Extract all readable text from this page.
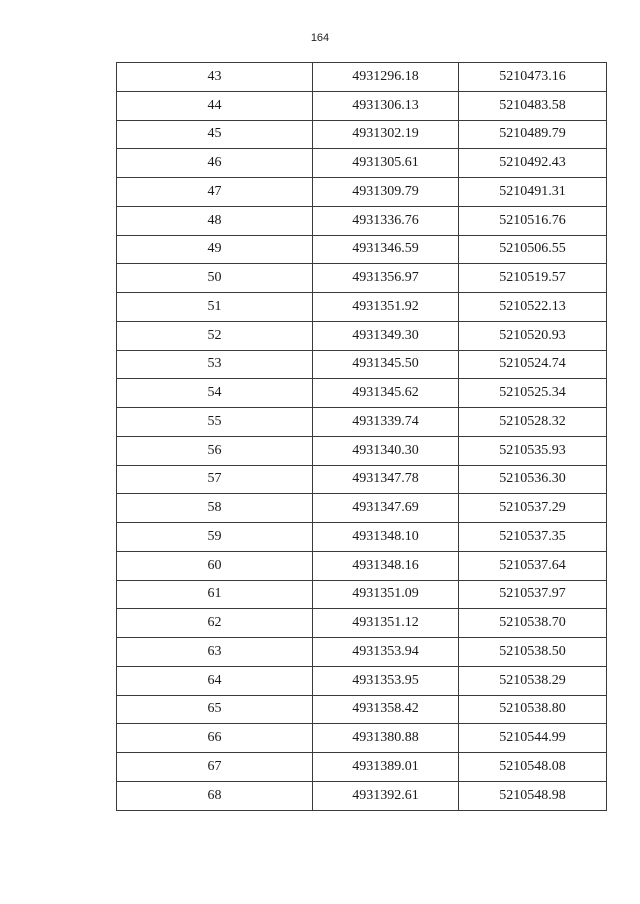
164
43	4931296.18	5210473.16
44	4931306.13	5210483.58
45	4931302.19	5210489.79
46	4931305.61	5210492.43
47	4931309.79	5210491.31
48	4931336.76	5210516.76
49	4931346.59	5210506.55
50	4931356.97	5210519.57
51	4931351.92	5210522.13
52	4931349.30	5210520.93
53	4931345.50	5210524.74
54	4931345.62	5210525.34
55	4931339.74	5210528.32
56	4931340.30	5210535.93
57	4931347.78	5210536.30
58	4931347.69	5210537.29
59	4931348.10	5210537.35
60	4931348.16	5210537.64
61	4931351.09	5210537.97
62	4931351.12	5210538.70
63	4931353.94	5210538.50
64	4931353.95	5210538.29
65	4931358.42	5210538.80
66	4931380.88	5210544.99
67	4931389.01	5210548.08
68	4931392.61	5210548.98
